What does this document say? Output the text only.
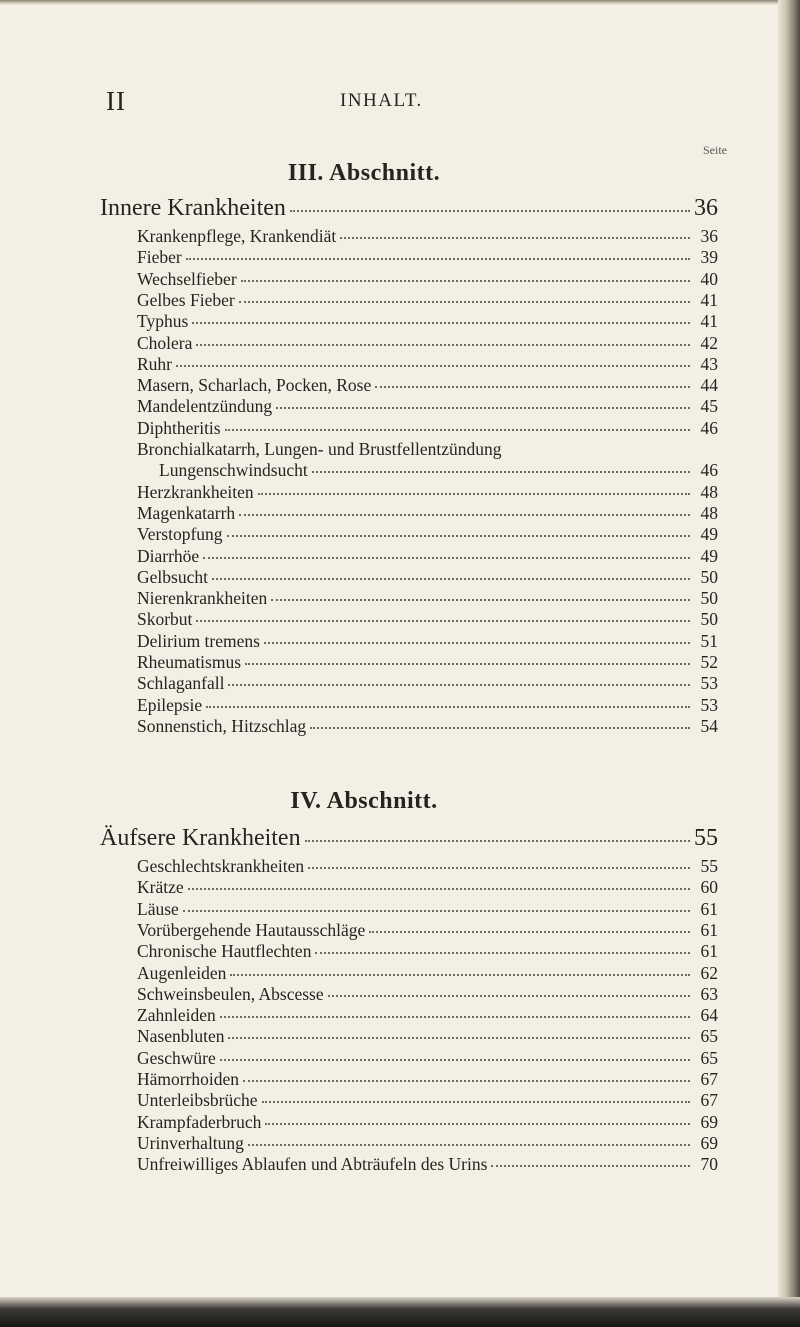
II	INHALT.
Seite
III. Abschnitt.
Innere Krankheiten	36
Krankenpflege, Krankendiät	36
Fieber	39
Wechselfieber	40
Gelbes Fieber	41
Typhus	41
Cholera	42
Ruhr	43
Masern, Scharlach, Pocken, Rose	44
Mandelentzündung	45
Diphtheritis	46
Bronchialkatarrh, Lungen- und Brustfellentzündung
Lungenschwindsucht	46
Herzkrankheiten	48
Magenkatarrh	48
Verstopfung	49
Diarrhöe	49
Gelbsucht	50
Nierenkrankheiten	50
Skorbut	50
Delirium tremens	51
Rheumatismus	52
Schlaganfall	53
Epilepsie	53
Sonnenstich, Hitzschlag	54
IV. Abschnitt.
Äufsere Krankheiten	55
Geschlechtskrankheiten	55
Krätze	60
Läuse	61
Vorübergehende Hautausschläge	61
Chronische Hautflechten	61
Augenleiden	62
Schweinsbeulen, Abscesse	63
Zahnleiden	64
Nasenbluten	65
Geschwüre	65
Hämorrhoiden	67
Unterleibsbrüche	67
Krampfaderbruch	69
Urinverhaltung	69
Unfreiwilliges Ablaufen und Abträufeln des Urins	70
